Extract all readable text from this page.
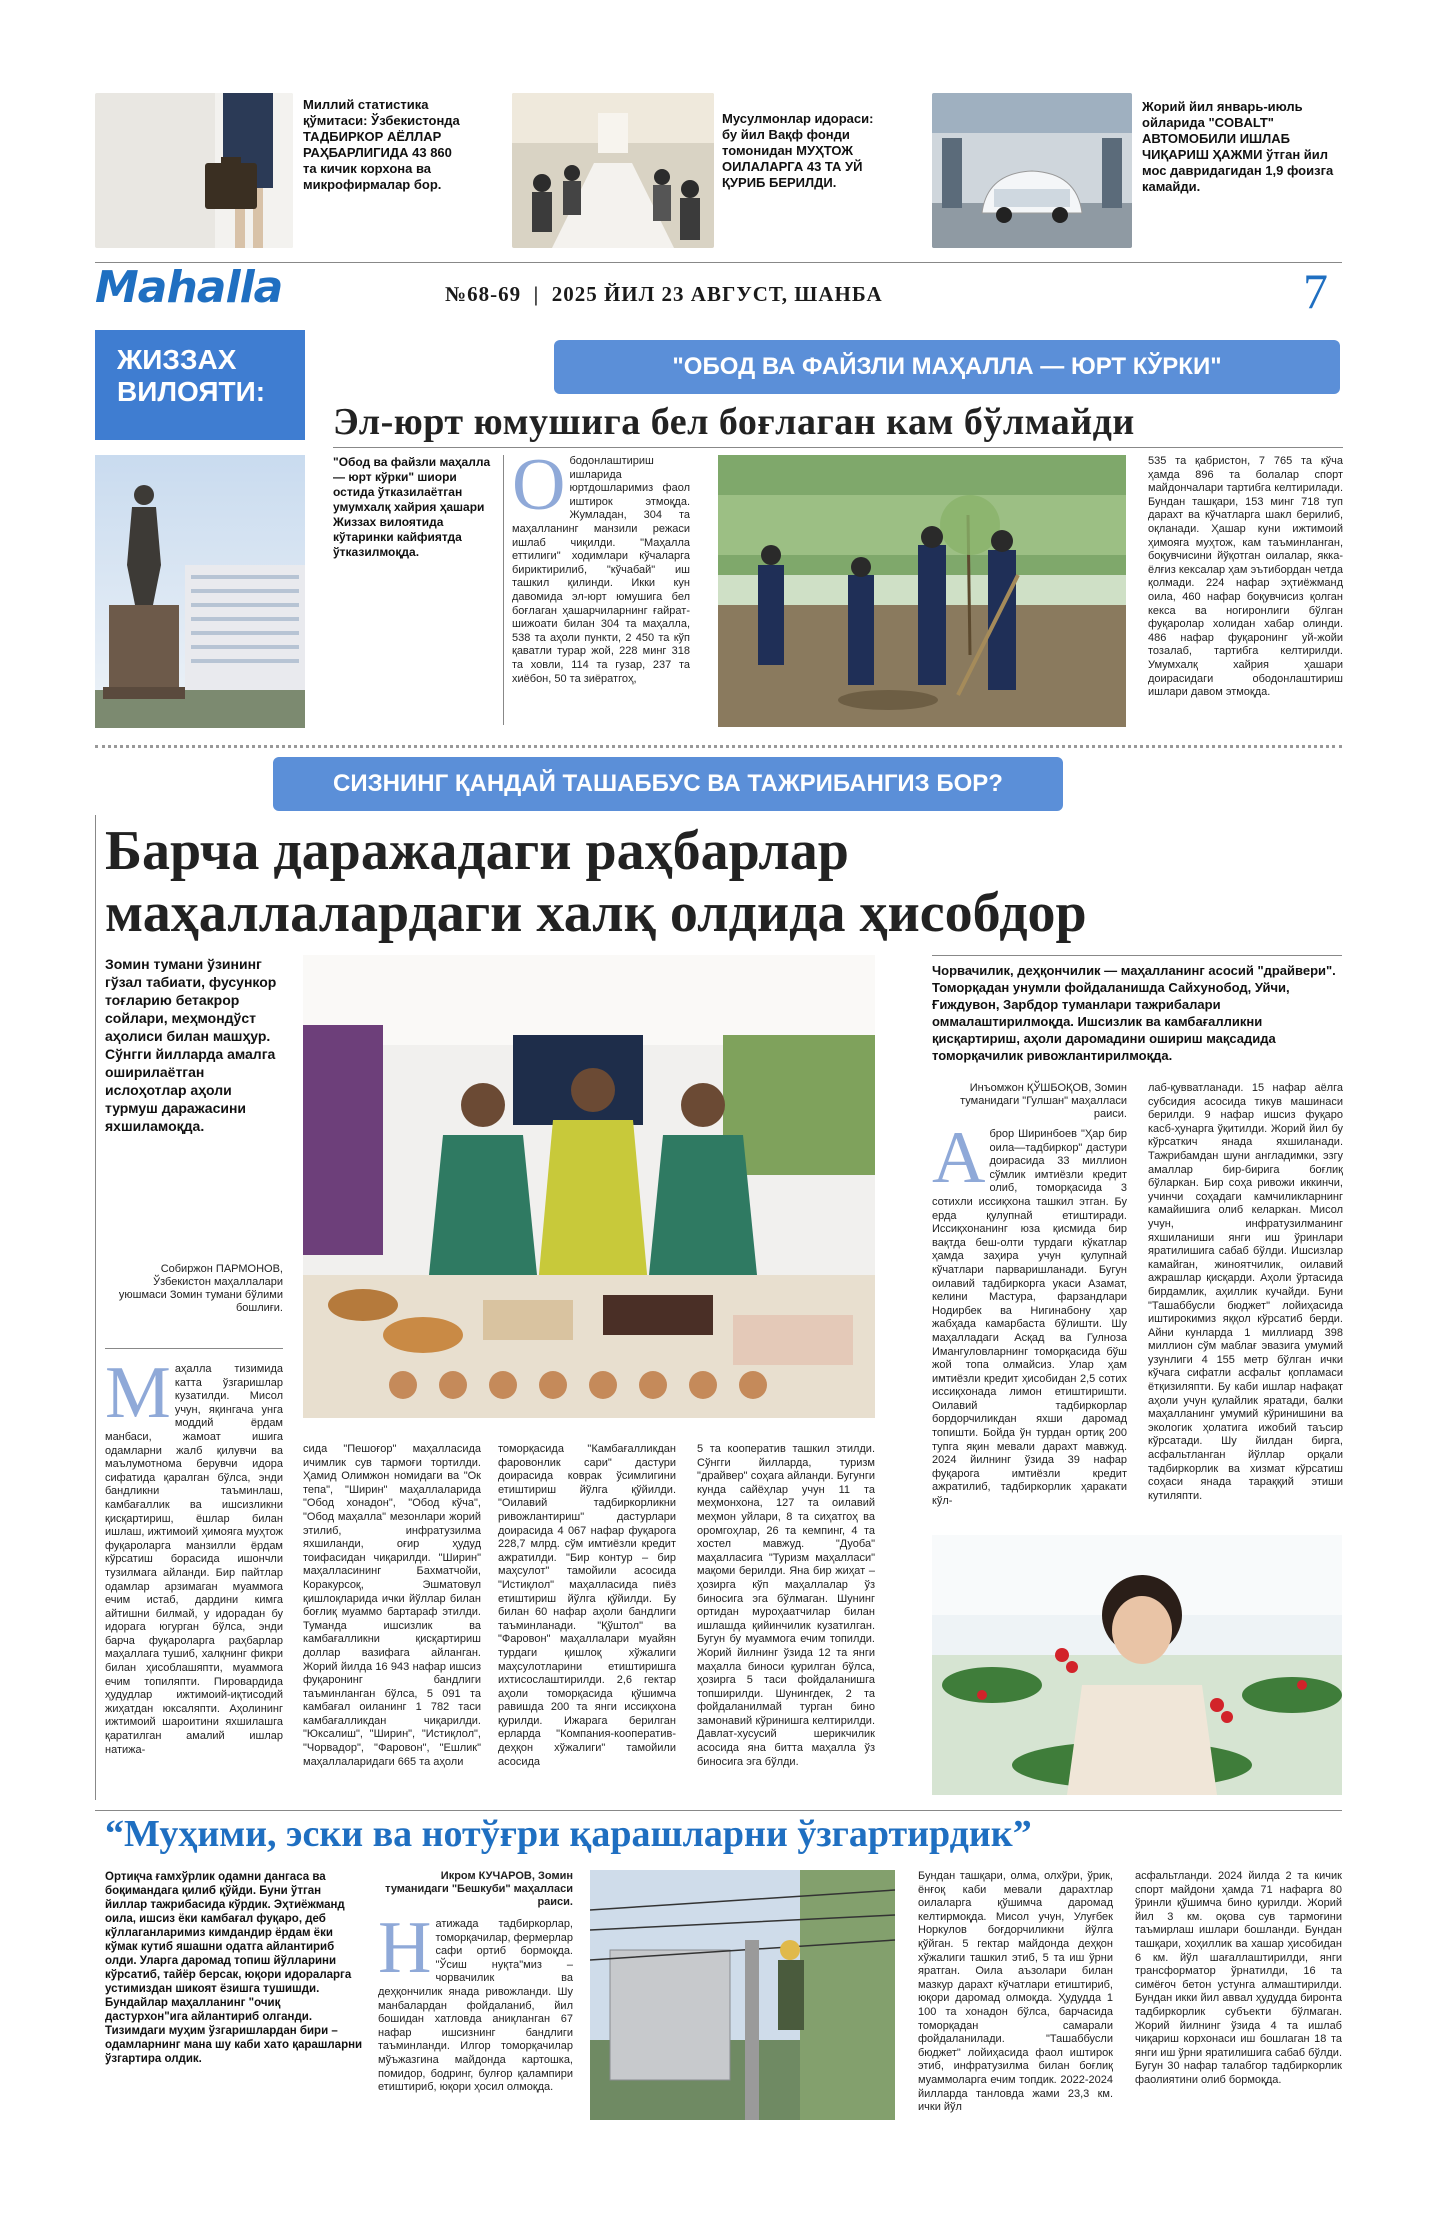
Миллий статистика қўмитаси: Ўзбекистонда ТАДБИРКОР АЁЛЛАР РАҲБАРЛИГИДА 43 860 та кичик корхона ва микрофирмалар бор.
Мусулмонлар идораси: бу йил Вақф фонди томонидан МУҲТОЖ ОИЛАЛАРГА 43 ТА УЙ ҚУРИБ БЕРИЛДИ.
Жорий йил январь-июль ойларида "COBALT" АВТОМОБИЛИ ИШЛАБ ЧИҚАРИШ ҲАЖМИ ўтган йил мос давридагидан 1,9 фоизга камайди.
Mahalla	№68-69  |  2025 ЙИЛ 23 АВГУСТ, ШАНБА	7
ЖИЗЗАХ ВИЛОЯТИ:
"ОБОД ВА ФАЙЗЛИ МАҲАЛЛА — ЮРТ КЎРКИ"
Эл-юрт юмушига бел боғлаган кам бўлмайди
"Обод ва файзли маҳалла — юрт кўрки" шиори остида ўтказилаётган умумхалқ хайрия ҳашари Жиззах вилоятида кўтаринки кайфиятда ўтказилмоқда.
О бодонлаштириш ишларида юртдошларимиз фаол иштирок этмоқда. Жумладан, 304 та маҳалланинг манзили режаси ишлаб чиқилди. "Маҳалла еттилиги" ходимлари кўчаларга бириктирилиб, "кўчабай" иш ташкил қилинди. Икки кун давомида эл-юрт юмушига бел боғлаган ҳашарчиларнинг ғайрат-шижоати билан 304 та маҳалла, 538 та аҳоли пункти, 2 450 та кўп қаватли турар жой, 228 минг 318 та ховли, 114 та гузар, 237 та хиёбон, 50 та зиёратгоҳ,
535 та қабристон, 7 765 та кўча ҳамда 896 та болалар спорт майдончалари тартибга келтирилади. Бундан ташқари, 153 минг 718 туп дарахт ва кўчатларга шакл берилиб, оқланади. Ҳашар куни ижтимоий ҳимояга муҳтож, кам таъминланган, боқувчисини йўқотган оилалар, якка-ёлғиз кексалар ҳам эътибордан четда қолмади. 224 нафар эҳтиёжманд оила, 460 нафар боқувчисиз қолган кекса ва ногиронлиги бўлган фуқаролар холидан хабар олинди. 486 нафар фуқаронинг уй-жойи тозалаб, тартибга келтирилди. Умумхалқ хайрия ҳашари доирасидаги ободонлаштириш ишлари давом этмоқда.
СИЗНИНГ ҚАНДАЙ ТАШАББУС ВА ТАЖРИБАНГИЗ БОР?
Барча даражадаги раҳбарлар
маҳаллалардаги халқ олдида ҳисобдор
Зомин тумани ўзининг гўзал табиати, фусункор тоғларию бетакрор сойлари, меҳмондўст аҳолиси билан машҳур. Сўнгги йилларда амалга оширилаётган ислоҳотлар аҳоли турмуш даражасини яхшиламоқда.
Собиржон ПАРМОНОВ, Ўзбекистон маҳаллалари уюшмаси Зомин тумани бўлими бошлиғи.
М аҳалла тизимида катта ўзгаришлар кузатилди. Мисол учун, яқингача унга моддий ёрдам манбаси, жамоат ишига одамларни жалб қилувчи ва маълумотнома берувчи идора сифатида қаралган бўлса, энди бандликни таъминлаш, камбағаллик ва ишсизликни қисқартириш, ёшлар билан ишлаш, ижтимоий ҳимояга муҳтож фуқароларга манзилли ёрдам кўрсатиш борасида ишончли тузилмага айланди. Бир пайтлар одамлар арзимаган муаммога ечим истаб, дардини кимга айтишни билмай, у идорадан бу идорага югурган бўлса, энди барча фуқароларга раҳбарлар маҳаллага тушиб, халқнинг фикри билан ҳисоблашяпти, муаммога ечим топиляпти. Пировардида ҳудудлар ижтимоий-иқтисодий жиҳатдан юксаляпти. Аҳолининг ижтимоий шароитини яхшилашга қаратилган амалий ишлар натижа-
сида "Пешоғор" маҳалласида ичимлик сув тармоғи тортилди. Ҳамид Олимжон номидаги ва "Ок тепа", "Ширин" маҳаллаларида "Обод хонадон", "Обод кўча", "Обод маҳалла" мезонлари жорий этилиб, инфратузилма яхшиланди, оғир ҳудуд тоифасидан чиқарилди. "Ширин" маҳалласининг Бахматчойи, Коракурсоқ, Эшматовул қишлоқларида ички йўллар билан боғлиқ муаммо бартараф этилди. Туманда ишсизлик ва камбағалликни қисқартириш доллар вазифага айланган. Жорий йилда 16 943 нафар ишсиз фуқаронинг бандлиги таъминланган бўлса, 5 091 та камбағал оиланинг 1 782 таси камбағалликдан чиқарилди. "Юксалиш", "Ширин", "Истиқлол", "Чорвадор", "Фаровон", "Ешлик" маҳаллаларидаги 665 та аҳоли
томорқасида "Камбағалликдан фаровонлик сари" дастури доирасида коврак ўсимлигини етиштириш йўлга қўйилди. "Оилавий тадбиркорликни ривожлантириш" дастурлари доирасида 4 067 нафар фуқарога 228,7 млрд. сўм имтиёзли кредит ажратилди. "Бир контур – бир маҳсулот" тамойили асосида "Истиқлол" маҳалласида пиёз етиштириш йўлга қўйилди. Бу билан 60 нафар аҳоли бандлиги таъминланади. "Қўштол" ва "Фаровон" маҳаллалари муайян турдаги қишлоқ хўжалиги маҳсулотларини етиштиришга ихтисослаштирилди. 2,6 гектар аҳоли томорқасида қўшимча равишда 200 та янги иссиқхона қурилди. Ижарага берилган ерларда "Компания-кооператив-деҳқон хўжалиги" тамойили асосида
5 та кооператив ташкил этилди. Сўнгги йилларда, туризм "драйвер" соҳага айланди. Бугунги кунда сайёҳлар учун 11 та меҳмонхона, 127 та оилавий меҳмон уйлари, 8 та сиҳатгоҳ ва оромгоҳлар, 26 та кемпинг, 4 та хостел мавжуд. "Дуоба" маҳалласига "Туризм маҳалласи" мақоми берилди. Яна бир жиҳат – ҳозирга кўп маҳаллалар ўз биносига эга бўлмаган. Шунинг ортидан муроҳаатчилар билан ишлашда қийинчилик кузатилган. Бугун бу муаммога ечим топилди. Жорий йилнинг ўзида 12 та янги маҳалла биноси қурилган бўлса, ҳозирга 5 таси фойдаланишга топширилди. Шунингдек, 2 та фойдаланилмай турган бино замонавий кўринишга келтирилди. Давлат-хусусий шерикчилик асосида яна битта маҳалла ўз биносига эга бўлди.
Чорвачилик, деҳқончилик — маҳалланинг асосий "драйвери". Томорқадан унумли фойдаланишда Сайхунобод, Уйчи, Ғиждувон, Зарбдор туманлари тажрибалари оммалаштирилмоқда. Ишсизлик ва камбағалликни қисқартириш, аҳоли даромадини ошириш мақсадида томорқачилик ривожлантирилмоқда.
Инъомжон ҚЎШБОҚОВ, Зомин туманидаги "Гулшан" маҳалласи раиси.
А брор Ширинбоев "Ҳар бир оила—тадбиркор" дастури доирасида 33 миллион сўмлик имтиёзли кредит олиб, томорқасида 3 сотихли иссиқхона ташкил этган. Бу ерда қулупнай етиштиради. Иссиқхонанинг юза қисмида бир вақтда беш-олти турдаги кўкатлар ҳамда заҳира учун қулупнай кўчатлари парваришланади. Бугун оилавий тадбиркорга укаси Азамат, келини Мастура, фарзандлари Нодирбек ва Нигинабону ҳар жабҳада камарбаста бўлишти. Шу маҳалладаги Асқад ва Гулноза Имангуловларнинг томорқасида бўш жой топа олмайсиз. Улар ҳам имтиёзли кредит ҳисобидан 2,5 сотих иссиқхонада лимон етиштиришти. Оилавий тадбиркорлар бордорчиликдан яхши даромад топишти. Бойда ўн турдан ортиқ 200 тупга яқин мевали дарахт мавжуд. 2024 йилнинг ўзида 39 нафар фуқарога имтиёзли кредит ажратилиб, тадбиркорлик ҳаракати кўл-
лаб-қувватланади. 15 нафар аёлга субсидия асосида тикув машинаси берилди. 9 нафар ишсиз фуқаро касб-ҳунарга ўқитилди. Жорий йил бу кўрсаткич янада яхшиланади. Тажрибамдан шуни англадимки, эзгу амаллар бир-бирига боғлиқ бўларкан. Бир соҳа ривожи иккинчи, учинчи соҳадаги камчиликларнинг камайишига олиб келаркан. Мисол учун, инфратузилманинг яхшиланиши янги иш ўринлари яратилишига сабаб бўлди. Ишсизлар камайган, жиноятчилик, оилавий ажрашлар қисқарди. Аҳоли ўртасида бирдамлик, аҳиллик кучайди. Буни "Ташаббусли бюджет" лойиҳасида иштирокимиз яққол кўрсатиб берди. Айни кунларда 1 миллиард 398 миллион сўм маблағ эвазига умумий узунлиги 4 155 метр бўлган ички кўчага сифатли асфальт қопламаси ётқизиляпти. Бу каби ишлар нафақат аҳоли учун қулайлик яратади, балки маҳалланинг умумий кўринишини ва экологик ҳолатига ижобий таъсир кўрсатади. Шу йилдан бирга, асфальтланган йўллар орқали тадбиркорлик ва хизмат кўрсатиш соҳаси янада тараққий этиши кутиляпти.
“Муҳими, эски ва нотўғри қарашларни ўзгартирдик”
Ортиқча ғамхўрлик одамни дангаса ва боқимандага қилиб қўйди. Буни ўтган йиллар тажрибасида кўрдик. Эҳтиёжманд оила, ишсиз ёки камбағал фуқаро, деб кўллаганларимиз кимдандир ёрдам ёки кўмак кутиб яшашни одатга айлантириб олди. Уларга даромад топиш йўлларини кўрсатиб, тайёр берсак, юқори идораларга устимиздан шикоят ёзишга тушишди. Бундайлар маҳалланинг "очиқ дастурхон"ига айлантириб олганди. Тизимдаги муҳим ўзгаришлардан бири – одамларнинг мана шу каби хато қарашларни ўзгартира олдик.
Икром КУЧАРОВ, Зомин туманидаги "Бешкуби" маҳалласи раиси.
Н атижада тадбиркорлар, томорқачилар, фермерлар сафи ортиб бормоқда. "Ўсиш нуқта"миз – чорвачилик ва деҳқончилик янада ривожланди. Шу манбалардан фойдаланиб, йил бошидан хатловда аниқланган 67 нафар ишсизнинг бандлиги таъминланди. Илгор томорқачилар мўъжазгина майдонда картошка, помидор, бодринг, булғор қалампири етиштириб, юқори ҳосил олмоқда.
Бундан ташқари, олма, олхўри, ўрик, ёнғоқ каби мевали дарахтлар оилаларга қўшимча даромад келтирмоқда. Мисол учун, Улуғбек Норкулов боғдорчиликни йўлга қўйган. 5 гектар майдонда деҳқон хўжалиги ташкил этиб, 5 та иш ўрни яратган. Оила аъзолари билан мазкур дарахт кўчатлари етиштириб, юқори даромад олмоқда. Ҳудудда 1 100 та хонадон бўлса, барчасида томорқадан самарали фойдаланилади. "Ташаббусли бюджет" лойиҳасида фаол иштирок этиб, инфратузилма билан боғлиқ муаммоларга ечим топдик. 2022-2024 йилларда танловда жами 23,3 км. ички йўл
асфальтланди. 2024 йилда 2 та кичик спорт майдони ҳамда 71 нафарга 80 ўринли қўшимча бино қурилди. Жорий йил 3 км. оқова сув тармоғини таъмирлаш ишлари бошланди. Бундан ташқари, хоҳиллик ва хашар ҳисобидан 6 км. йўл шағаллаштирилди, янги трансформатор ўрнатилди, 16 та симёғоч бетон устунга алмаштирилди. Бундан икки йил аввал ҳудудда биронта тадбиркорлик субъекти бўлмаган. Жорий йилнинг ўзида 4 та ишлаб чиқариш корхонаси иш бошлаган 18 та янги иш ўрни яратилишига сабаб бўлди. Бугун 30 нафар талабгор тадбиркорлик фаолиятини олиб бормоқда.
